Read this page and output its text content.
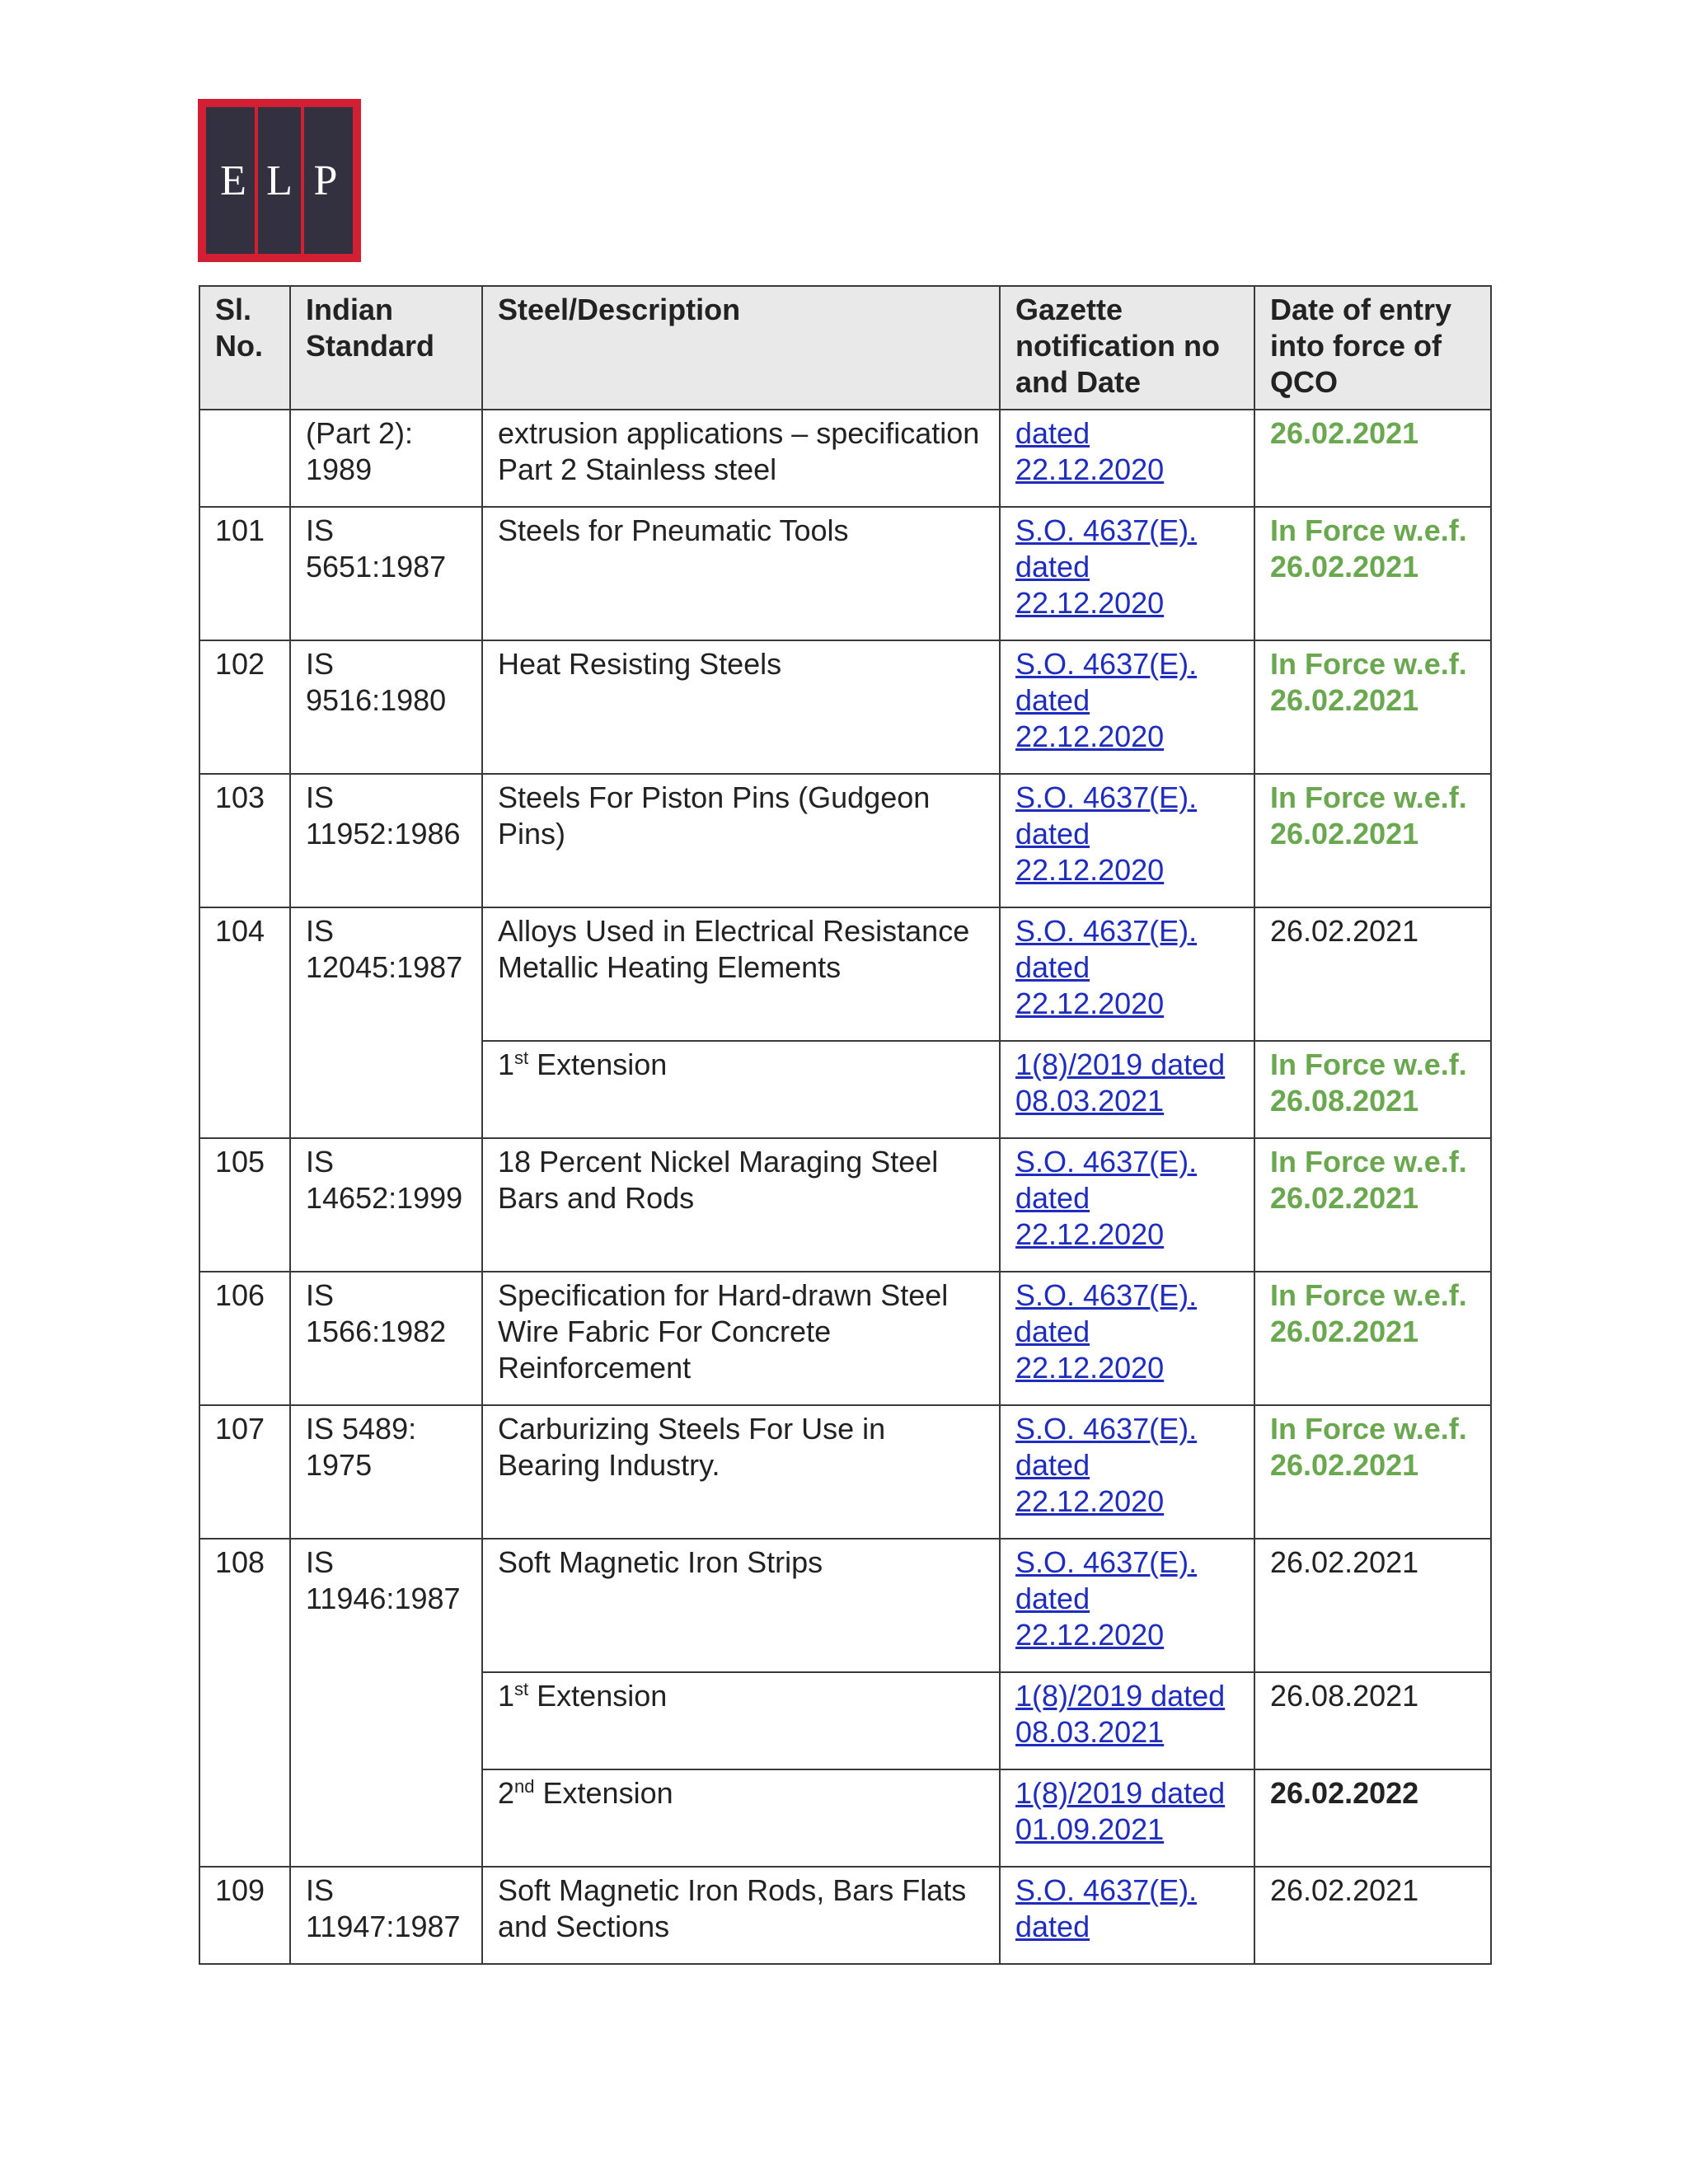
E L P
Sl. No.	Indian Standard	Steel/Description	Gazette notification no and Date	Date of entry into force of QCO
	(Part 2): 1989	extrusion applications – specification Part 2 Stainless steel	dated 22.12.2020	26.02.2021
101	IS 5651:1987	Steels for Pneumatic Tools	S.O. 4637(E). dated 22.12.2020	In Force w.e.f. 26.02.2021
102	IS 9516:1980	Heat Resisting Steels	S.O. 4637(E). dated 22.12.2020	In Force w.e.f. 26.02.2021
103	IS 11952:1986	Steels For Piston Pins (Gudgeon Pins)	S.O. 4637(E). dated 22.12.2020	In Force w.e.f. 26.02.2021
104	IS 12045:1987	Alloys Used in Electrical Resistance Metallic Heating Elements	S.O. 4637(E). dated 22.12.2020	26.02.2021
		1st Extension	1(8)/2019 dated 08.03.2021	In Force w.e.f. 26.08.2021
105	IS 14652:1999	18 Percent Nickel Maraging Steel Bars and Rods	S.O. 4637(E). dated 22.12.2020	In Force w.e.f. 26.02.2021
106	IS 1566:1982	Specification for Hard-drawn Steel Wire Fabric For Concrete Reinforcement	S.O. 4637(E). dated 22.12.2020	In Force w.e.f. 26.02.2021
107	IS 5489: 1975	Carburizing Steels For Use in Bearing Industry.	S.O. 4637(E). dated 22.12.2020	In Force w.e.f. 26.02.2021
108	IS 11946:1987	Soft Magnetic Iron Strips	S.O. 4637(E). dated 22.12.2020	26.02.2021
		1st Extension	1(8)/2019 dated 08.03.2021	26.08.2021
		2nd Extension	1(8)/2019 dated 01.09.2021	26.02.2022
109	IS 11947:1987	Soft Magnetic Iron Rods, Bars Flats and Sections	S.O. 4637(E). dated	26.02.2021
